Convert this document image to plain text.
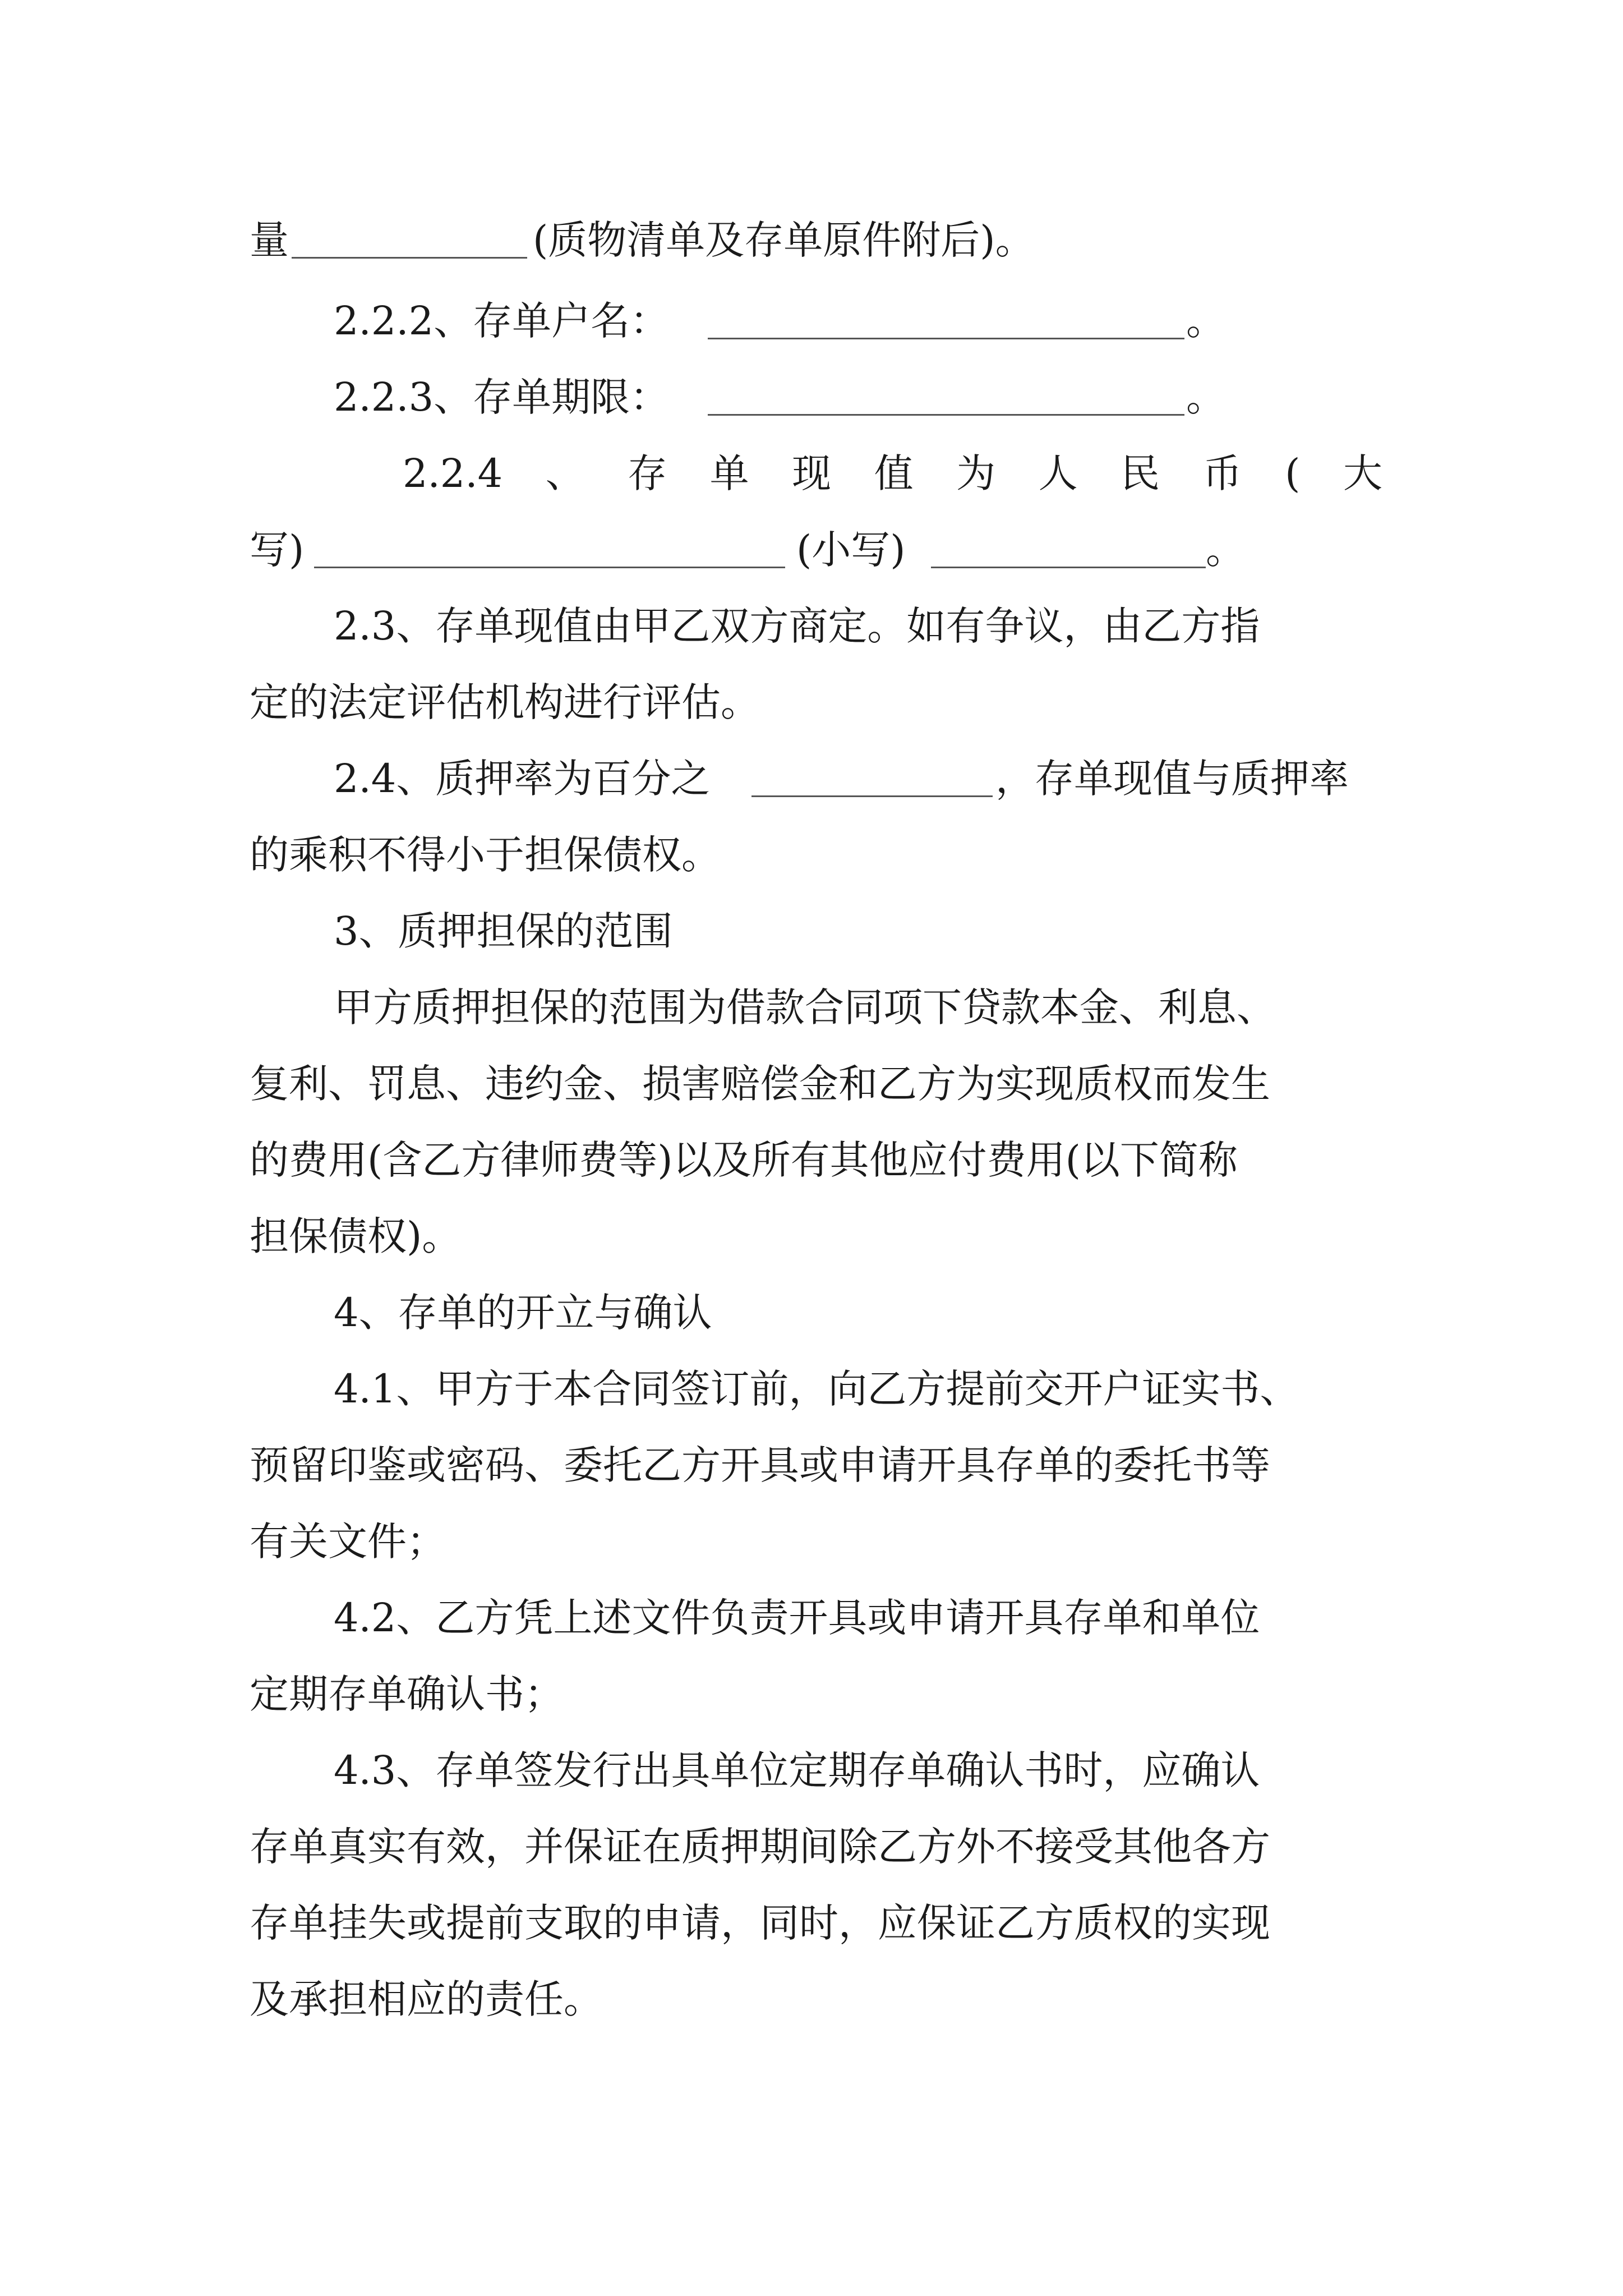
量	(质物清单及存单原件附后)。
2.2.2、存单户名：	。
2.2.3、存单期限：	。
2.2.4 、 存 单 现 值 为 人 民 币 ( 大
写)	(小写)	。
2.3、存单现值由甲乙双方商定。如有争议，由乙方指
定的法定评估机构进行评估。
2.4、质押率为百分之	，存单现值与质押率
的乘积不得小于担保债权。
3、质押担保的范围
甲方质押担保的范围为借款合同项下贷款本金、利息、
复利、罚息、违约金、损害赔偿金和乙方为实现质权而发生
的费用(含乙方律师费等)以及所有其他应付费用(以下简称
担保债权)。
4、存单的开立与确认
4.1、甲方于本合同签订前，向乙方提前交开户证实书、
预留印鉴或密码、委托乙方开具或申请开具存单的委托书等
有关文件；
4.2、乙方凭上述文件负责开具或申请开具存单和单位
定期存单确认书；
4.3、存单签发行出具单位定期存单确认书时，应确认
存单真实有效，并保证在质押期间除乙方外不接受其他各方
存单挂失或提前支取的申请，同时，应保证乙方质权的实现
及承担相应的责任。
